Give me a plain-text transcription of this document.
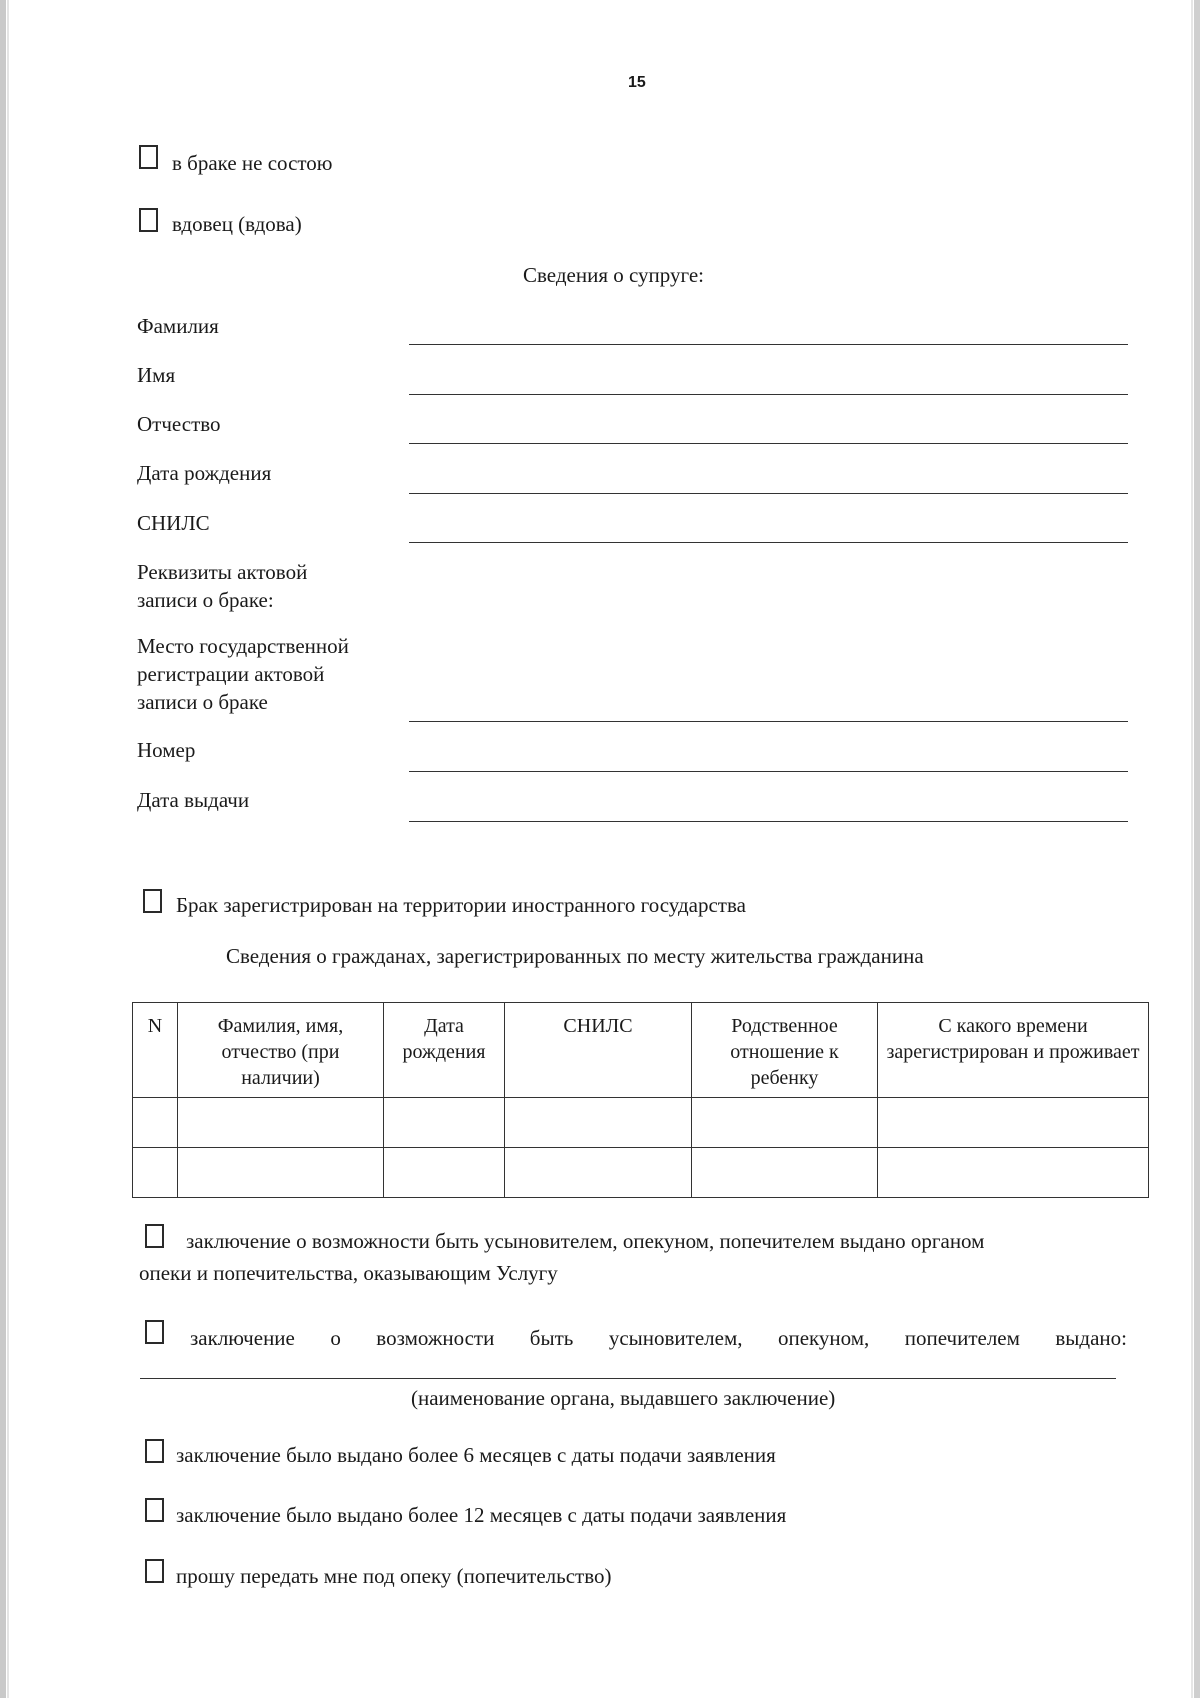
15
в браке не состою
вдовец (вдова)
Сведения о супруге:
Фамилия
Имя
Отчество
Дата рождения
СНИЛС
Реквизиты актовой
записи о браке:
Место государственной
регистрации актовой
записи о браке
Номер
Дата выдачи
Брак зарегистрирован на территории иностранного государства
Сведения о гражданах, зарегистрированных по месту жительства гражданина
N	Фамилия, имя, отчество (при наличии)	Дата рождения	СНИЛС	Родственное отношение к ребенку	С какого времени зарегистрирован и проживает

заключение о возможности быть усыновителем, опекуном, попечителем выдано органом
опеки и попечительства, оказывающим Услугу
заключение о возможности быть усыновителем, опекуном, попечителем выдано:
(наименование органа, выдавшего заключение)
заключение было выдано более 6 месяцев с даты подачи заявления
заключение было выдано более 12 месяцев с даты подачи заявления
прошу передать мне под опеку (попечительство)
